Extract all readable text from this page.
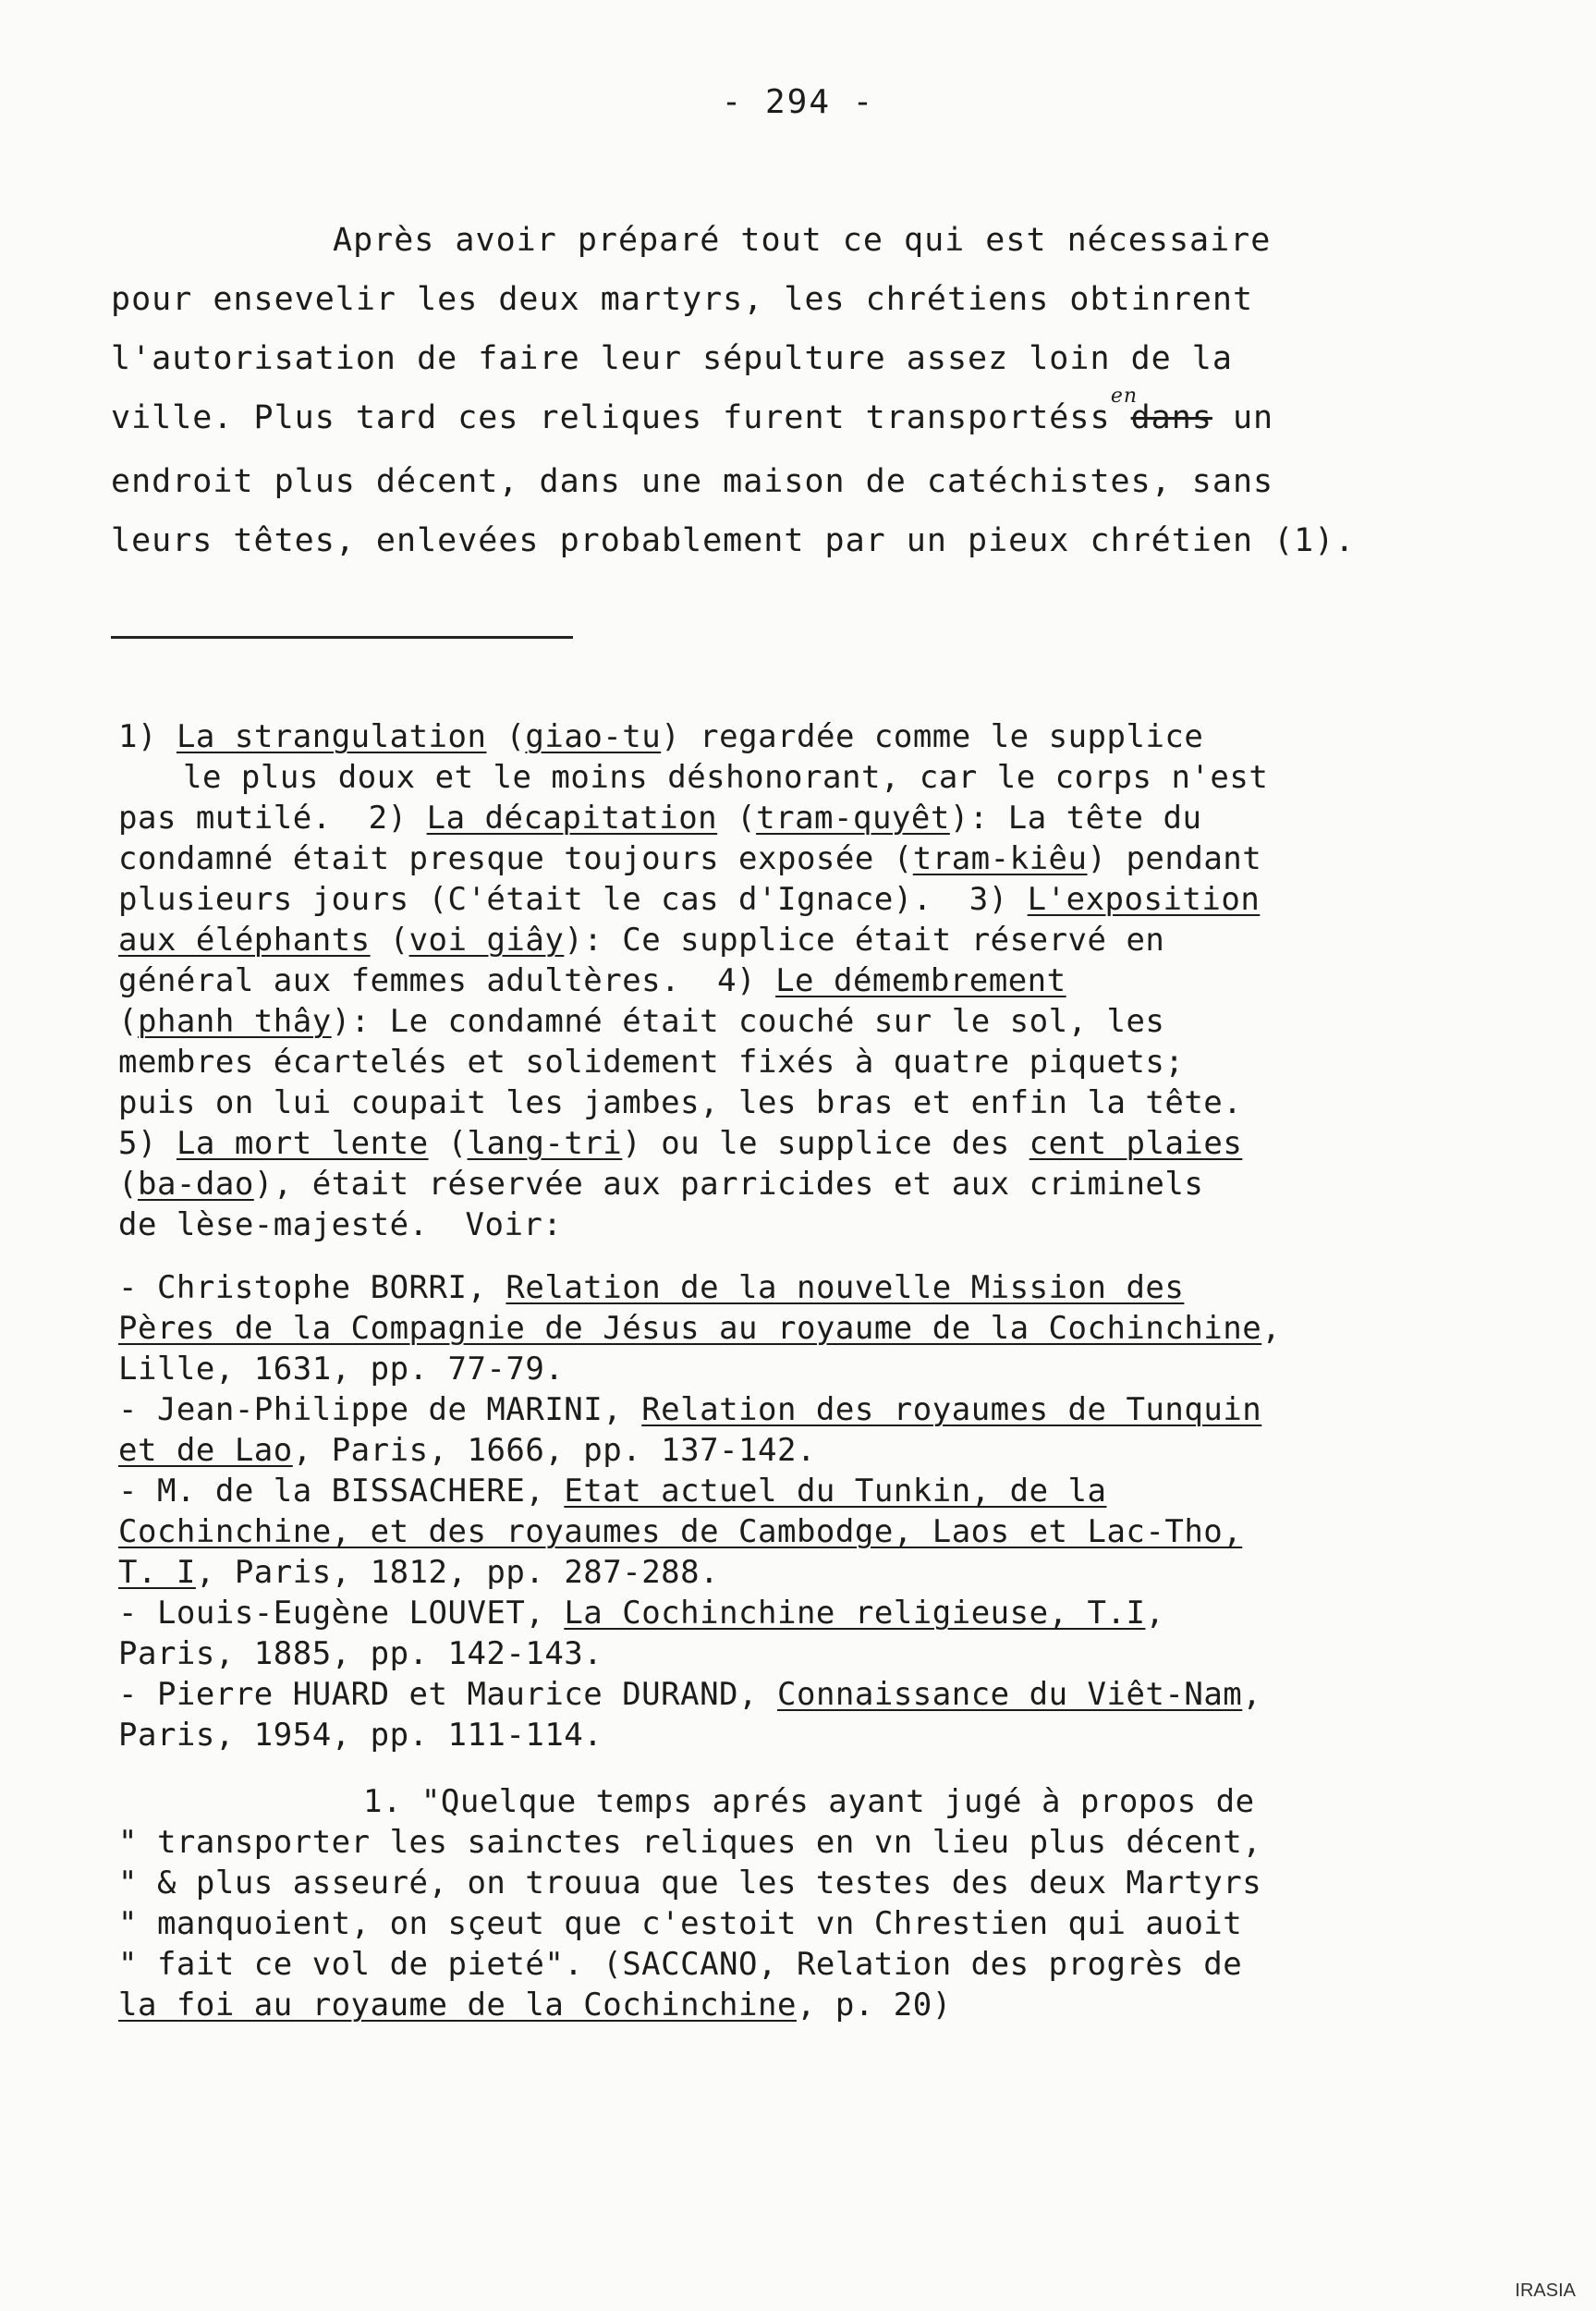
- 294 -
Après avoir préparé tout ce qui est nécessaire
pour ensevelir les deux martyrs, les chrétiens obtinrent
l'autorisation de faire leur sépulture assez loin de la
ville. Plus tard ces reliques furent transportéss dansen un
endroit plus décent, dans une maison de catéchistes, sans
leurs têtes, enlevées probablement par un pieux chrétien (1).
1) La strangulation (giao-tu) regardée comme le supplice
le plus doux et le moins déshonorant, car le corps n'est
pas mutilé. 2) La décapitation (tram-quyêt): La tête du
condamné était presque toujours exposée (tram-kiêu) pendant
plusieurs jours (C'était le cas d'Ignace). 3) L'exposition
aux éléphants (voi giây): Ce supplice était réservé en
général aux femmes adultères. 4) Le démembrement
(phanh thây): Le condamné était couché sur le sol, les
membres écartelés et solidement fixés à quatre piquets;
puis on lui coupait les jambes, les bras et enfin la tête.
5) La mort lente (lang-tri) ou le supplice des cent plaies
(ba-dao), était réservée aux parricides et aux criminels
de lèse-majesté. Voir:
- Christophe BORRI, Relation de la nouvelle Mission des
Pères de la Compagnie de Jésus au royaume de la Cochinchine,
Lille, 1631, pp. 77-79.
- Jean-Philippe de MARINI, Relation des royaumes de Tunquin
et de Lao, Paris, 1666, pp. 137-142.
- M. de la BISSACHERE, Etat actuel du Tunkin, de la
Cochinchine, et des royaumes de Cambodge, Laos et Lac-Tho,
T. I, Paris, 1812, pp. 287-288.
- Louis-Eugène LOUVET, La Cochinchine religieuse, T.I,
Paris, 1885, pp. 142-143.
- Pierre HUARD et Maurice DURAND, Connaissance du Viêt-Nam,
Paris, 1954, pp. 111-114.
1. "Quelque temps aprés ayant jugé à propos de
" transporter les sainctes reliques en vn lieu plus décent,
" & plus asseuré, on trouua que les testes des deux Martyrs
" manquoient, on sçeut que c'estoit vn Chrestien qui auoit
" fait ce vol de pieté". (SACCANO, Relation des progrès de
la foi au royaume de la Cochinchine, p. 20)
IRASIA
